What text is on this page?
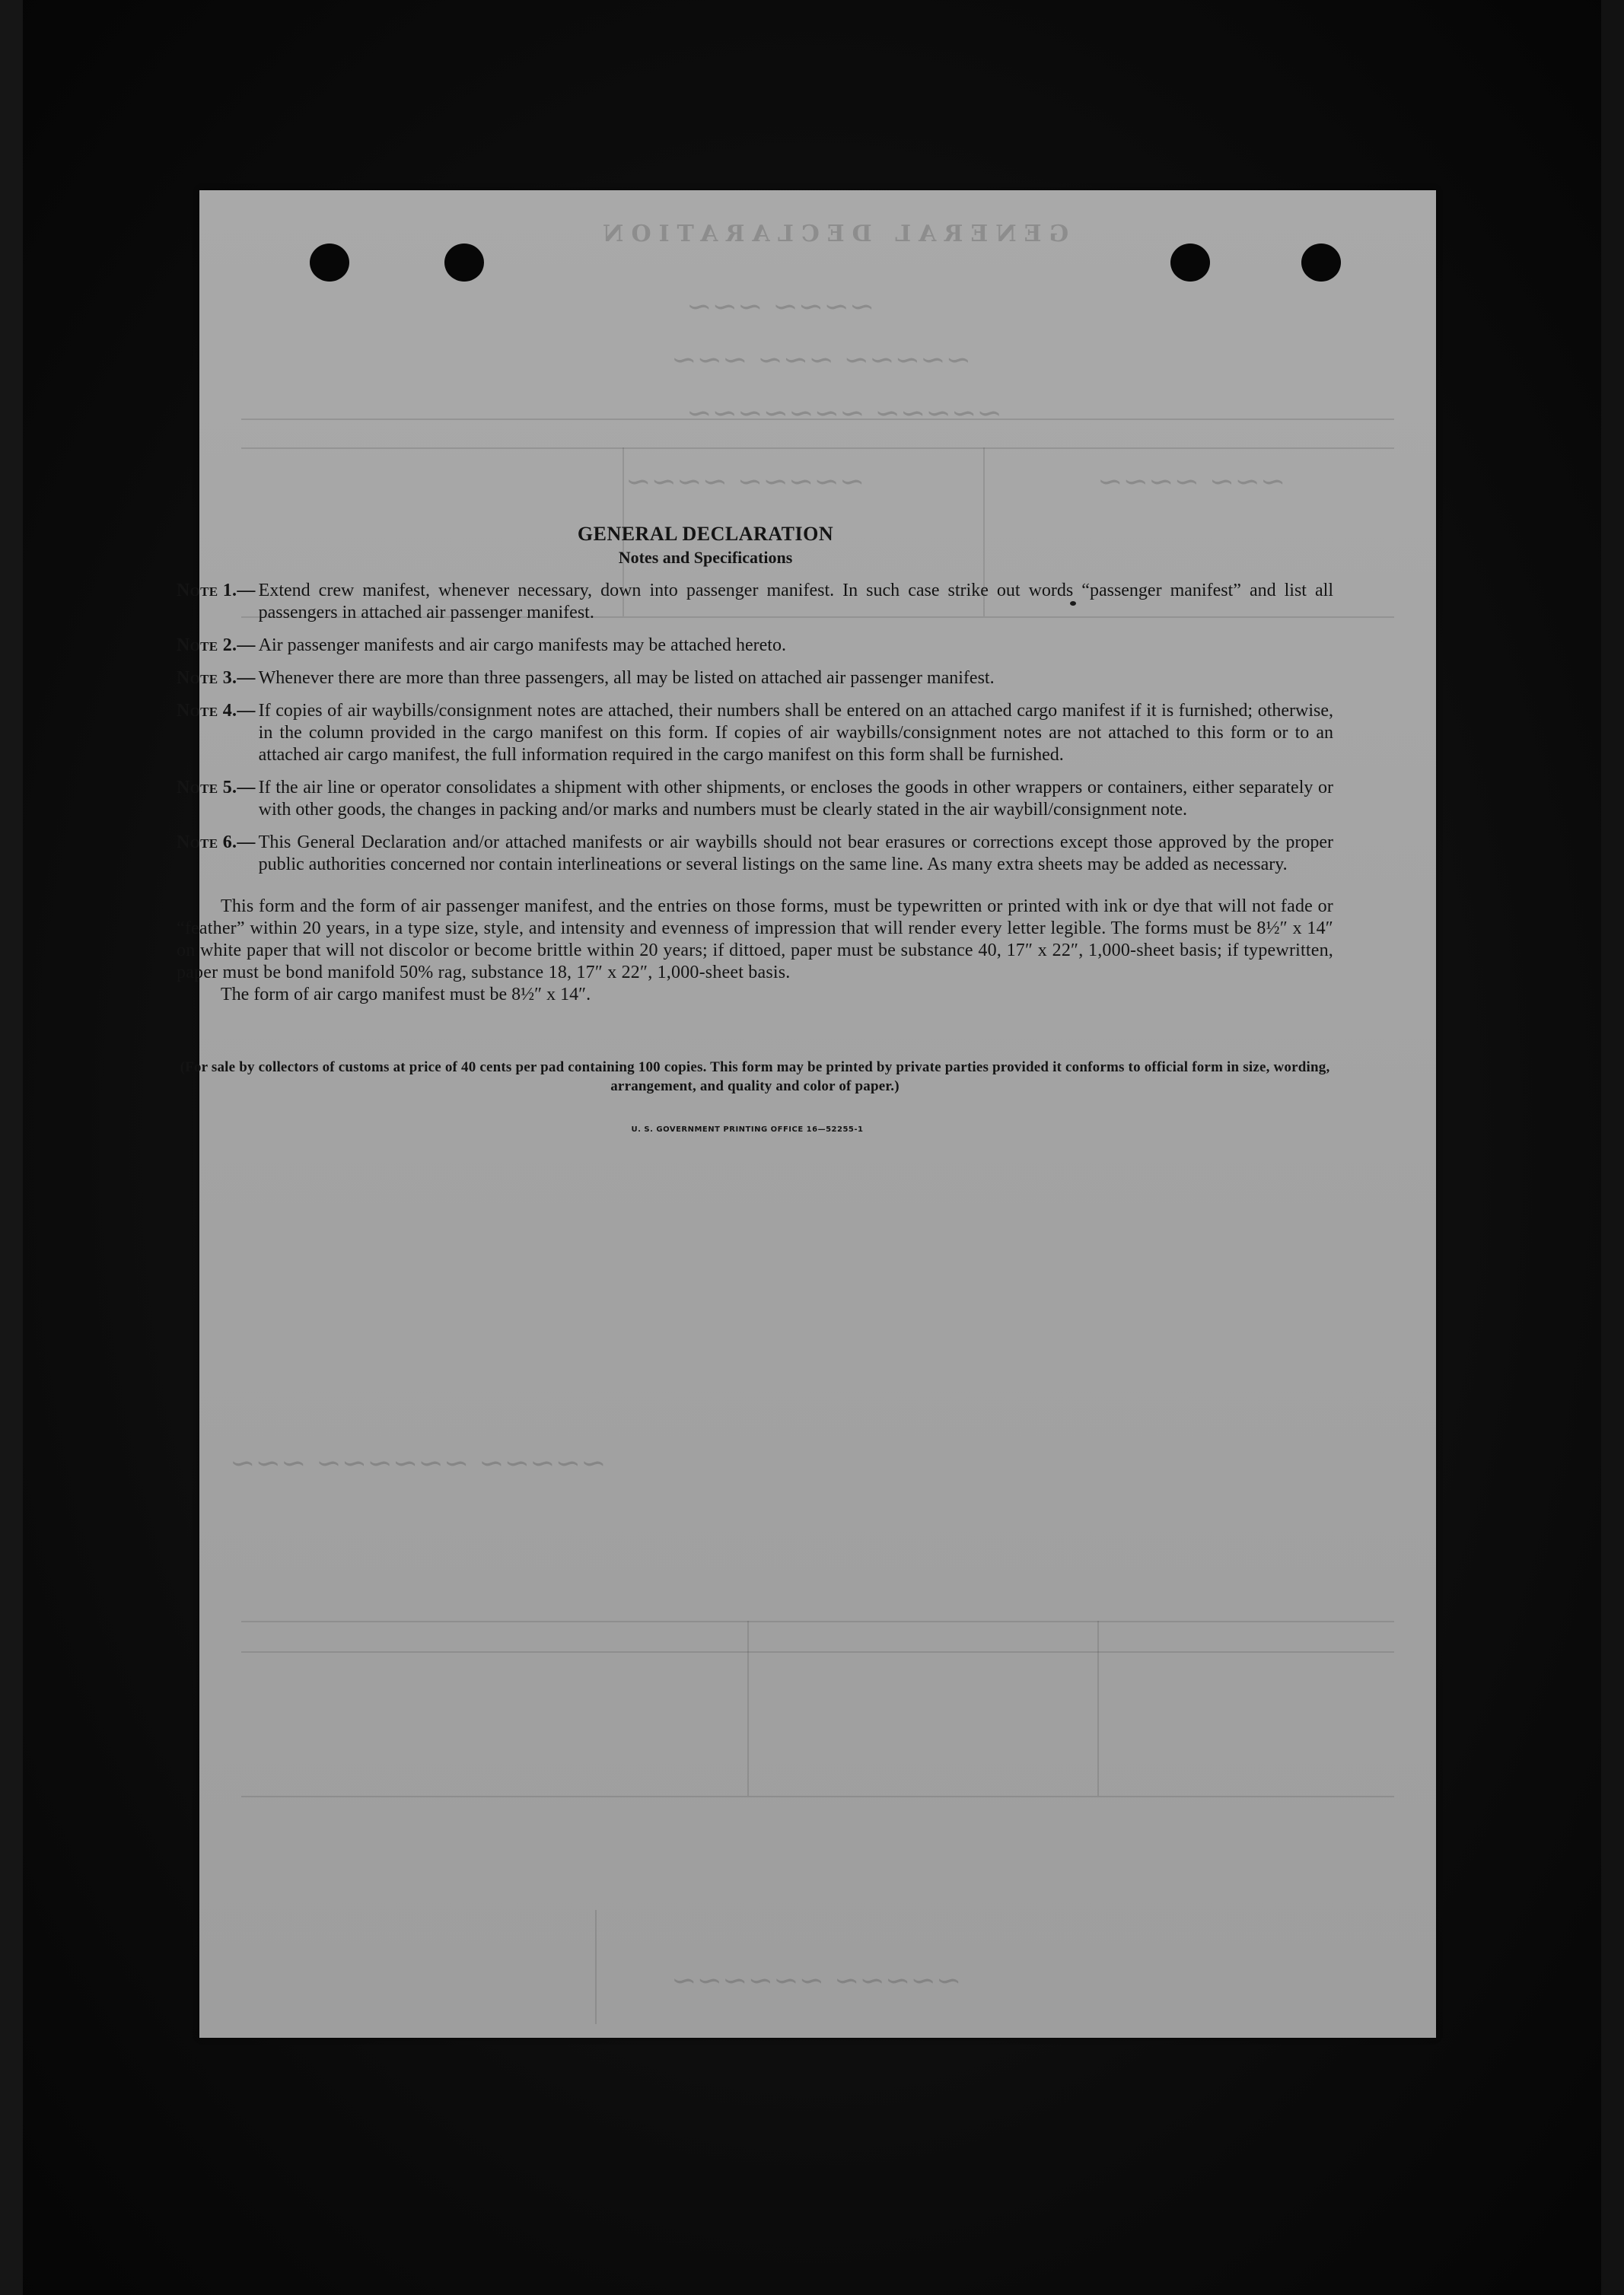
GENERAL DECLARATION
~~~~ ~~~
~~~~~ ~~~ ~~~
~~~~~ ~~~~~~~
~~~ ~~~~
~~~~~ ~~~~
~~~~~ ~~~~~~ ~~~
~~~~~ ~~~~~~
GENERAL DECLARATION
Notes and Specifications
Note 1.— Extend crew manifest, whenever necessary, down into passenger manifest. In such case strike out words “passenger manifest” and list all passengers in attached air passenger manifest.
Note 2.— Air passenger manifests and air cargo manifests may be attached hereto.
Note 3.— Whenever there are more than three passengers, all may be listed on attached air passenger manifest.
Note 4.— If copies of air waybills/consignment notes are attached, their numbers shall be entered on an attached cargo manifest if it is furnished; otherwise, in the column provided in the cargo manifest on this form. If copies of air waybills/consignment notes are not attached to this form or to an attached air cargo manifest, the full information required in the cargo manifest on this form shall be furnished.
Note 5.— If the air line or operator consolidates a shipment with other shipments, or encloses the goods in other wrappers or containers, either separately or with other goods, the changes in packing and/or marks and numbers must be clearly stated in the air waybill/consignment note.
Note 6.— This General Declaration and/or attached manifests or air waybills should not bear erasures or corrections except those approved by the proper public authorities concerned nor contain interlineations or several listings on the same line. As many extra sheets may be added as necessary.

This form and the form of air passenger manifest, and the entries on those forms, must be typewritten or printed with ink or dye that will not fade or “feather” within 20 years, in a type size, style, and intensity and evenness of impression that will render every letter legible. The forms must be 8½″ x 14″ on white paper that will not discolor or become brittle within 20 years; if dittoed, paper must be substance 40, 17″ x 22″, 1,000-sheet basis; if typewritten, paper must be bond manifold 50% rag, substance 18, 17″ x 22″, 1,000-sheet basis.

The form of air cargo manifest must be 8½″ x 14″.

(For sale by collectors of customs at price of 40 cents per pad containing 100 copies. This form may be printed by private parties provided it conforms to official form in size, wording, arrangement, and quality and color of paper.)

U. S. GOVERNMENT PRINTING OFFICE 16—52255-1
